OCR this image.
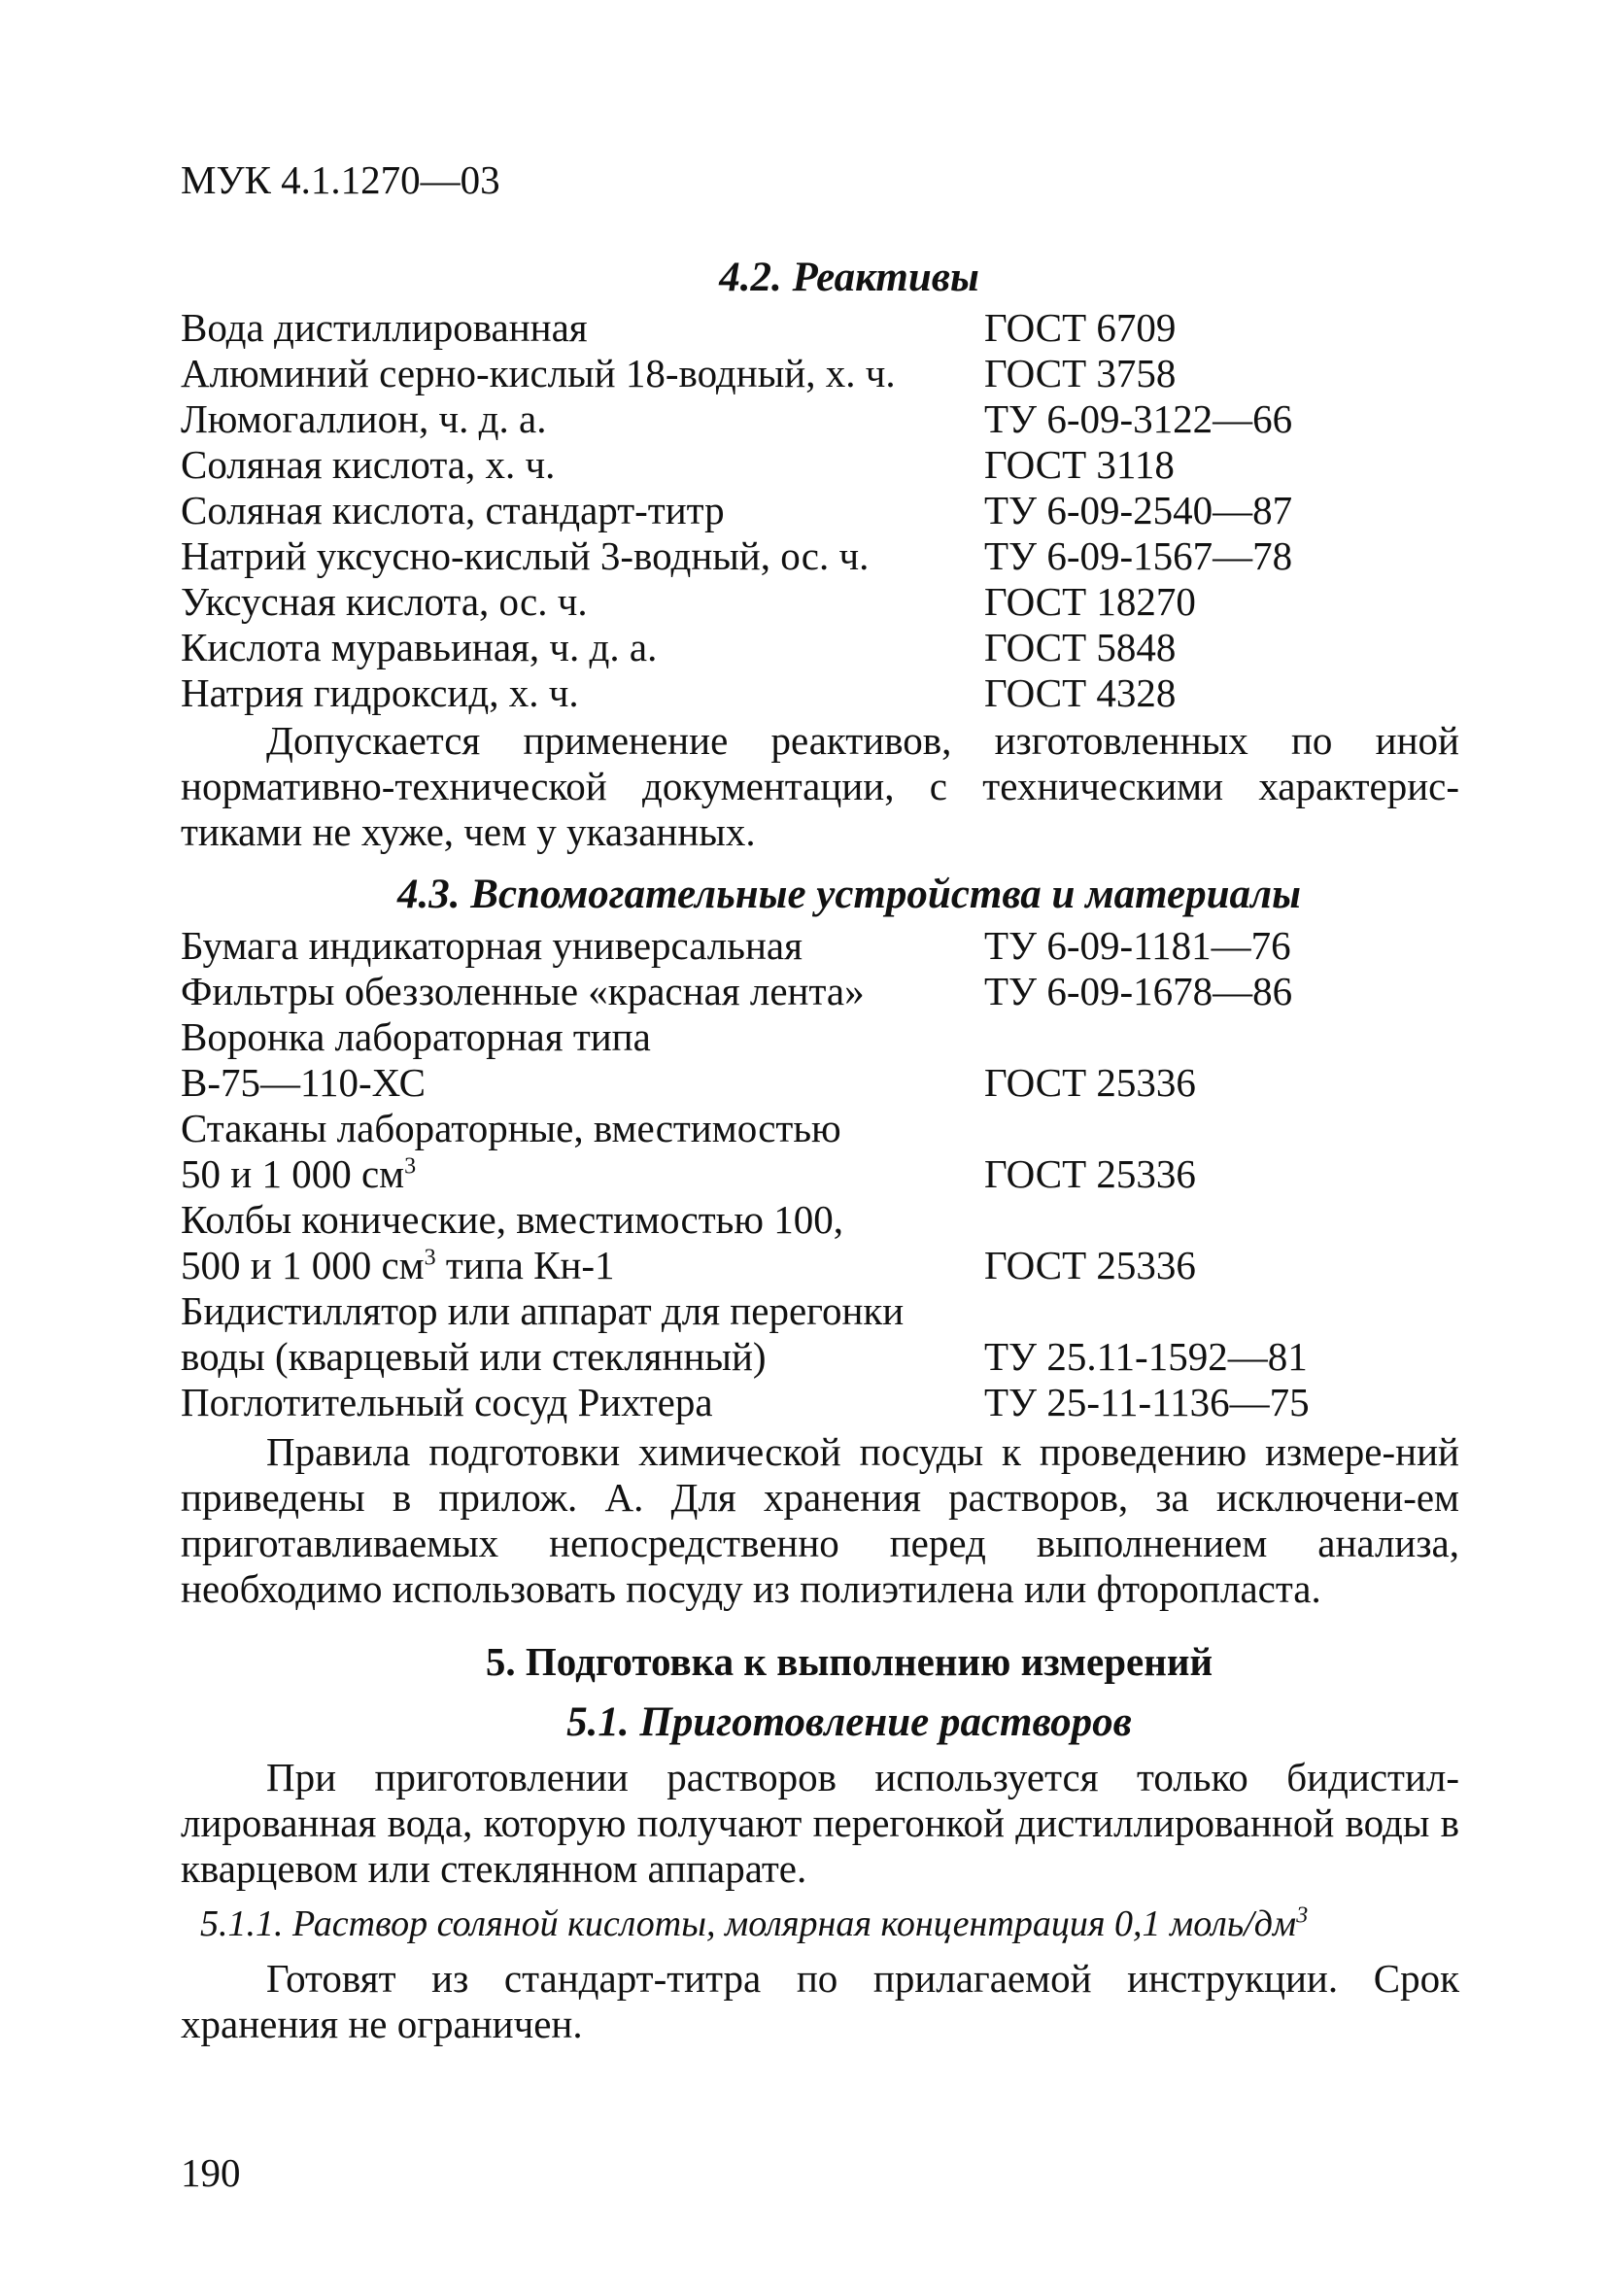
МУК 4.1.1270—03
4.2. Реактивы
Вода дистиллированная	ГОСТ 6709
Алюминий серно-кислый 18-водный, х. ч.	ГОСТ 3758
Люмогаллион, ч. д. а.	ТУ 6-09-3122—66
Соляная кислота, х. ч.	ГОСТ 3118
Соляная кислота, стандарт-титр	ТУ 6-09-2540—87
Натрий уксусно-кислый 3-водный, ос. ч.	ТУ 6-09-1567—78
Уксусная кислота, ос. ч.	ГОСТ 18270
Кислота муравьиная, ч. д. а.	ГОСТ 5848
Натрия гидроксид, х. ч.	ГОСТ 4328
Допускается применение реактивов, изготовленных по иной нормативно-технической документации, с техническими характерис-тиками не хуже, чем у указанных.
4.3. Вспомогательные устройства и материалы
Бумага индикаторная универсальная	ТУ 6-09-1181—76
Фильтры обеззоленные «красная лента»	ТУ 6-09-1678—86
Воронка лабораторная типа
В-75—110-ХС	ГОСТ 25336
Стаканы лабораторные, вместимостью
50 и 1 000 $см^3$	ГОСТ 25336
Колбы конические, вместимостью 100,
500 и 1 000 $см^3$ типа Кн-1	ГОСТ 25336
Бидистиллятор или аппарат для перегонки
воды (кварцевый или стеклянный)	ТУ 25.11-1592—81
Поглотительный сосуд Рихтера	ТУ 25-11-1136—75
Правила подготовки химической посуды к проведению измере-ний приведены в прилож. А. Для хранения растворов, за исключени-ем приготавливаемых непосредственно перед выполнением анализа, необходимо использовать посуду из полиэтилена или фторопласта.
5. Подготовка к выполнению измерений
5.1. Приготовление растворов
При приготовлении растворов используется только бидистил-лированная вода, которую получают перегонкой дистиллированной воды в кварцевом или стеклянном аппарате.
5.1.1. Раствор соляной кислоты, молярная концентрация 0,1 моль/$дм^3$
Готовят из стандарт-титра по прилагаемой инструкции. Срок хранения не ограничен.
190
